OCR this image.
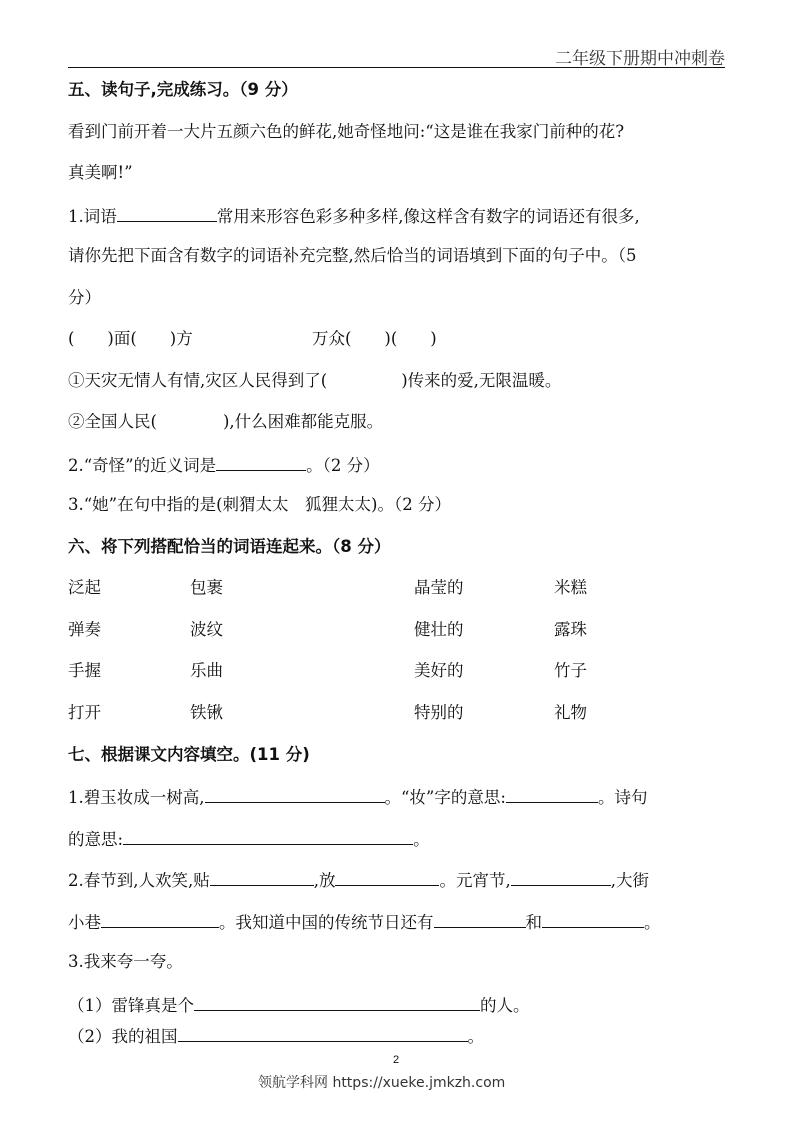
二年级下册期中冲刺卷
五、读句子,完成练习。（9 分）
看到门前开着一大片五颜六色的鲜花,她奇怪地问:“这是谁在我家门前种的花?
真美啊!”
1.词语	常用来形容色彩多种多样,像这样含有数字的词语还有很多,
请你先把下面含有数字的词语补充完整,然后恰当的词语填到下面的句子中。（5
分）
(　　)面(　　)方	万众(　　)(　　)
①天灾无情人有情,灾区人民得到了(	)传来的爱,无限温暖。
②全国人民(	),什么困难都能克服。
2.“奇怪”的近义词是	。（2 分）
3.“她”在句中指的是(刺猬太太　狐狸太太)。（2 分）
六、将下列搭配恰当的词语连起来。（8 分）
泛起	包裹	晶莹的	米糕
弹奏	波纹	健壮的	露珠
手握	乐曲	美好的	竹子
打开	铁锹	特别的	礼物
七、根据课文内容填空。(11 分)
1.碧玉妆成一树高,	。“妆”字的意思:	。诗句
的意思:	。
2.春节到,人欢笑,贴	,放	。元宵节,	,大街
小巷	。我知道中国的传统节日还有	和	。
3.我来夸一夸。
（1）雷锋真是个	的人。
（2）我的祖国	。
2
领航学科网 https://xueke.jmkzh.com
